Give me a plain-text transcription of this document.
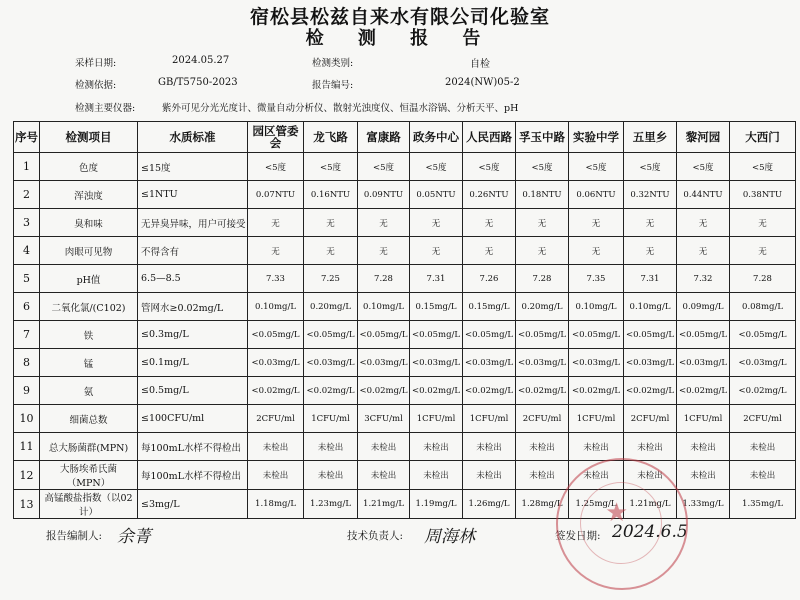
宿松县松兹自来水有限公司化验室
检 测 报 告
采样日期:	2024.05.27	检测类别:	自检
检测依据:	GB/T5750-2023	报告编号:	2024(NW)05-2
检测主要仪器:	紫外可见分光光度计、微量自动分析仪、散射光浊度仪、恒温水浴锅、分析天平、pH
序号	检测项目	水质标准	园区管委会	龙飞路	富康路	政务中心	人民西路	孚玉中路	实验中学	五里乡	黎河园	大西门
1	色度	≤15度	<5度	<5度	<5度	<5度	<5度	<5度	<5度	<5度	<5度	<5度
2	浑浊度	≤1NTU	0.07NTU	0.16NTU	0.09NTU	0.05NTU	0.26NTU	0.18NTU	0.06NTU	0.32NTU	0.44NTU	0.38NTU
3	臭和味	无异臭异味，用户可接受	无	无	无	无	无	无	无	无	无	无
4	肉眼可见物	不得含有	无	无	无	无	无	无	无	无	无	无
5	pH值	6.5—8.5	7.33	7.25	7.28	7.31	7.26	7.28	7.35	7.31	7.32	7.28
6	二氧化氯/(C102)	管网水≥0.02mg/L	0.10mg/L	0.20mg/L	0.10mg/L	0.15mg/L	0.15mg/L	0.20mg/L	0.10mg/L	0.10mg/L	0.09mg/L	0.08mg/L
7	铁	≤0.3mg/L	<0.05mg/L	<0.05mg/L	<0.05mg/L	<0.05mg/L	<0.05mg/L	<0.05mg/L	<0.05mg/L	<0.05mg/L	<0.05mg/L	<0.05mg/L
8	锰	≤0.1mg/L	<0.03mg/L	<0.03mg/L	<0.03mg/L	<0.03mg/L	<0.03mg/L	<0.03mg/L	<0.03mg/L	<0.03mg/L	<0.03mg/L	<0.03mg/L
9	氨	≤0.5mg/L	<0.02mg/L	<0.02mg/L	<0.02mg/L	<0.02mg/L	<0.02mg/L	<0.02mg/L	<0.02mg/L	<0.02mg/L	<0.02mg/L	<0.02mg/L
10	细菌总数	≤100CFU/ml	2CFU/ml	1CFU/ml	3CFU/ml	1CFU/ml	1CFU/ml	2CFU/ml	1CFU/ml	2CFU/ml	1CFU/ml	2CFU/ml
11	总大肠菌群(MPN)	每100mL水样不得检出	未检出	未检出	未检出	未检出	未检出	未检出	未检出	未检出	未检出	未检出
12	大肠埃希氏菌（MPN）	每100mL水样不得检出	未检出	未检出	未检出	未检出	未检出	未检出	未检出	未检出	未检出	未检出
13	高锰酸盐指数（以02计）	≤3mg/L	1.18mg/L	1.23mg/L	1.21mg/L	1.19mg/L	1.26mg/L	1.28mg/L	1.25mg/L	1.21mg/L	1.33mg/L	1.35mg/L
报告编制人: 余菁	技术负责人: 周海林	签发日期: 2024.6.5
★
